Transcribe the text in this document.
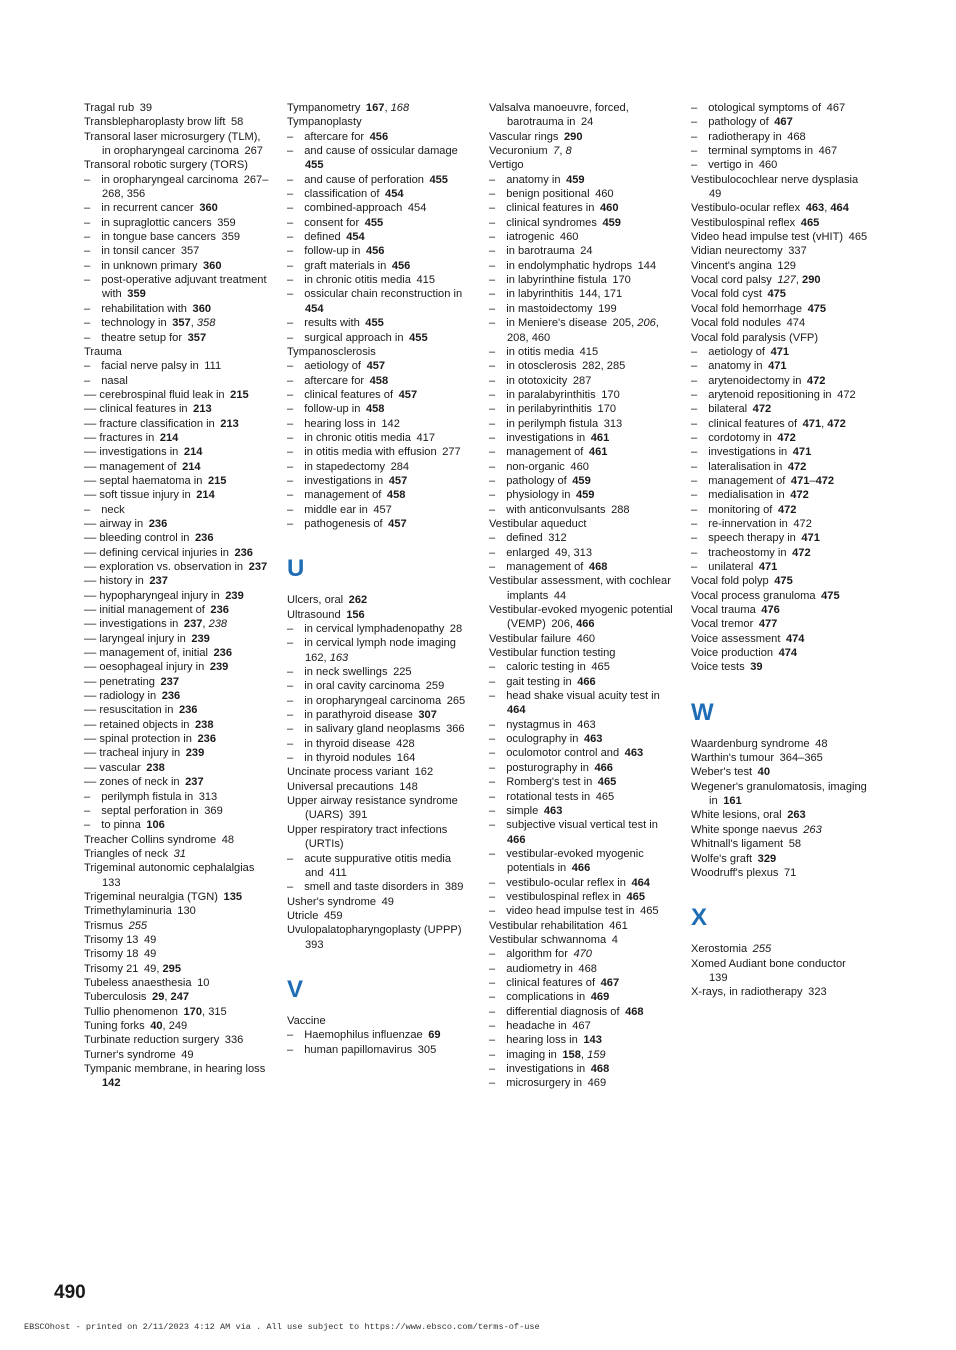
Tragal rub  39
Transblepharoplasty brow lift  58
Transoral laser microsurgery (TLM), in oropharyngeal carcinoma  267
Transoral robotic surgery (TORS)
– in oropharyngeal carcinoma  267–268, 356
– in recurrent cancer  360
– in supraglottic cancers  359
– in tongue base cancers  359
– in tonsil cancer  357
– in unknown primary  360
– post-operative adjuvant treatment with  359
– rehabilitation with  360
– technology in  357, 358
– theatre setup for  357
Trauma
– facial nerve palsy in  111
– nasal
–– cerebrospinal fluid leak in  215
–– clinical features in  213
–– fracture classification in  213
–– fractures in  214
–– investigations in  214
–– management of  214
–– septal haematoma in  215
–– soft tissue injury in  214
– neck
–– airway in  236
–– bleeding control in  236
–– defining cervical injuries in  236
–– exploration vs. observation in  237
–– history in  237
–– hypopharyngeal injury in  239
–– initial management of  236
–– investigations in  237, 238
–– laryngeal injury in  239
–– management of, initial  236
–– oesophageal injury in  239
–– penetrating  237
–– radiology in  236
–– resuscitation in  236
–– retained objects in  238
–– spinal protection in  236
–– tracheal injury in  239
–– vascular  238
–– zones of neck in  237
– perilymph fistula in  313
– septal perforation in  369
– to pinna  106
Treacher Collins syndrome  48
Triangles of neck  31
Trigeminal autonomic cephalalgias 133
Trigeminal neuralgia (TGN)  135
Trimethylaminuria  130
Trismus  255
Trisomy 13  49
Trisomy 18  49
Trisomy 21  49, 295
Tubeless anaesthesia  10
Tuberculosis  29, 247
Tullio phenomenon  170, 315
Tuning forks  40, 249
Turbinate reduction surgery  336
Turner's syndrome  49
Tympanic membrane, in hearing loss 142
Tympanometry  167, 168
Tympanoplasty
– aftercare for  456
– and cause of ossicular damage 455
– and cause of perforation  455
– classification of  454
– combined-approach  454
– consent for  455
– defined  454
– follow-up in  456
– graft materials in  456
– in chronic otitis media  415
– ossicular chain reconstruction in 454
– results with  455
– surgical approach in  455
Tympanosclerosis
– aetiology of  457
– aftercare for  458
– clinical features of  457
– follow-up in  458
– hearing loss in  142
– in chronic otitis media  417
– in otitis media with effusion  277
– in stapedectomy  284
– investigations in  457
– management of  458
– middle ear in  457
– pathogenesis of  457
U
Ulcers, oral  262
Ultrasound  156
– in cervical lymphadenopathy  28
– in cervical lymph node imaging 162, 163
– in neck swellings  225
– in oral cavity carcinoma  259
– in oropharyngeal carcinoma  265
– in parathyroid disease  307
– in salivary gland neoplasms  366
– in thyroid disease  428
– in thyroid nodules  164
Uncinate process variant  162
Universal precautions  148
Upper airway resistance syndrome (UARS)  391
Upper respiratory tract infections (URTIs)
– acute suppurative otitis media and  411
– smell and taste disorders in  389
Usher's syndrome  49
Utricle  459
Uvulopalatopharyngoplasty (UPPP) 393
V
Vaccine
– Haemophilus influenzae  69
– human papillomavirus  305
Valsalva manoeuvre, forced, barotrauma in  24
Vascular rings  290
Vecuronium  7, 8
Vertigo
– anatomy in  459
– benign positional  460
– clinical features in  460
– clinical syndromes  459
– iatrogenic  460
– in barotrauma  24
– in endolymphatic hydrops  144
– in labyrinthine fistula  170
– in labyrinthitis  144, 171
– in mastoidectomy  199
– in Meniere's disease  205, 206, 208, 460
– in otitis media  415
– in otosclerosis  282, 285
– in ototoxicity  287
– in paralabyrinthitis  170
– in perilabyrinthitis  170
– in perilymph fistula  313
– investigations in  461
– management of  461
– non-organic  460
– pathology of  459
– physiology in  459
– with anticonvulsants  288
Vestibular aqueduct
– defined  312
– enlarged  49, 313
– management of  468
Vestibular assessment, with cochlear implants  44
Vestibular-evoked myogenic potential (VEMP)  206, 466
Vestibular failure  460
Vestibular function testing
– caloric testing in  465
– gait testing in  466
– head shake visual acuity test in 464
– nystagmus in  463
– oculography in  463
– oculomotor control and  463
– posturography in  466
– Romberg's test in  465
– rotational tests in  465
– simple  463
– subjective visual vertical test in 466
– vestibular-evoked myogenic potentials in  466
– vestibulo-ocular reflex in  464
– vestibulospinal reflex in  465
– video head impulse test in  465
Vestibular rehabilitation  461
Vestibular schwannoma  4
– algorithm for  470
– audiometry in  468
– clinical features of  467
– complications in  469
– differential diagnosis of  468
– headache in  467
– hearing loss in  143
– imaging in  158, 159
– investigations in  468
– microsurgery in  469
– otological symptoms of  467
– pathology of  467
– radiotherapy in  468
– terminal symptoms in  467
– vertigo in  460
Vestibulocochlear nerve dysplasia 49
Vestibulo-ocular reflex  463, 464
Vestibulospinal reflex  465
Video head impulse test (vHIT)  465
Vidian neurectomy  337
Vincent's angina  129
Vocal cord palsy  127, 290
Vocal fold cyst  475
Vocal fold hemorrhage  475
Vocal fold nodules  474
Vocal fold paralysis (VFP)
– aetiology of  471
– anatomy in  471
– arytenoidectomy in  472
– arytenoid repositioning in  472
– bilateral  472
– clinical features of  471, 472
– cordotomy in  472
– investigations in  471
– lateralisation in  472
– management of  471–472
– medialisation in  472
– monitoring of  472
– re-innervation in  472
– speech therapy in  471
– tracheostomy in  472
– unilateral  471
Vocal fold polyp  475
Vocal process granuloma  475
Vocal trauma  476
Vocal tremor  477
Voice assessment  474
Voice production  474
Voice tests  39
W
Waardenburg syndrome  48
Warthin's tumour  364–365
Weber's test  40
Wegener's granulomatosis, imaging in  161
White lesions, oral  263
White sponge naevus  263
Whitnall's ligament  58
Wolfe's graft  329
Woodruff's plexus  71
X
Xerostomia  255
Xomed Audiant bone conductor 139
X-rays, in radiotherapy  323
490
EBSCOhost - printed on 2/11/2023 4:12 AM via . All use subject to https://www.ebsco.com/terms-of-use
